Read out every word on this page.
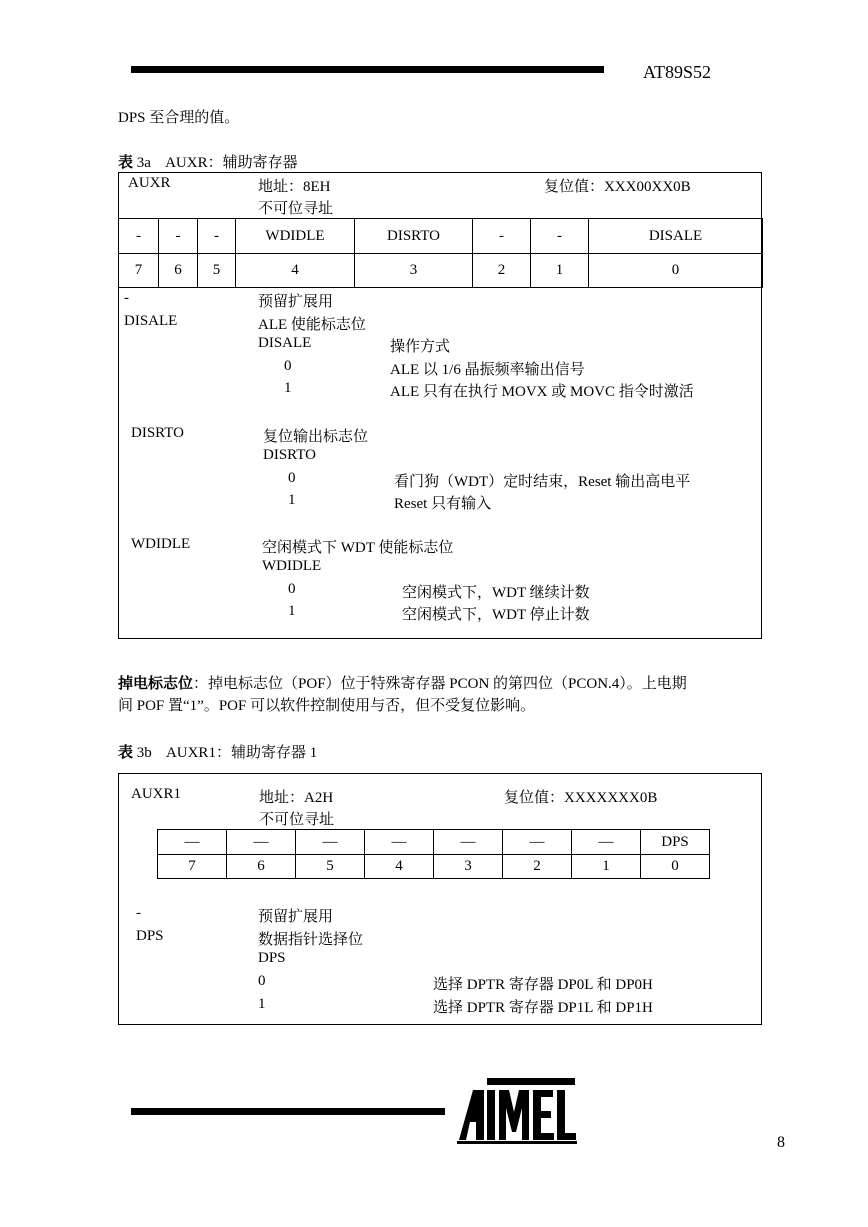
AT89S52
DPS 至合理的值。
表 3a    AUXR：辅助寄存器
AUXR	地址：8EH	复位值：XXX00XX0B
不可位寻址
-	-	-	WDIDLE	DISRTO	-	-	DISALE
7	6	5	4	3	2	1	0
-	预留扩展用
DISALE	ALE 使能标志位
DISALE	操作方式
0	ALE 以 1/6 晶振频率输出信号
1	ALE 只有在执行 MOVX 或 MOVC 指令时激活
DISRTO	复位输出标志位
DISRTO
0	看门狗（WDT）定时结束，Reset 输出高电平
1	Reset 只有输入
WDIDLE	空闲模式下 WDT 使能标志位
WDIDLE
0	空闲模式下，WDT 继续计数
1	空闲模式下，WDT 停止计数
掉电标志位：掉电标志位（POF）位于特殊寄存器 PCON 的第四位（PCON.4）。上电期
间 POF 置“1”。POF 可以软件控制使用与否，但不受复位影响。
表 3b    AUXR1：辅助寄存器 1
AUXR1	地址：A2H	复位值：XXXXXXX0B
不可位寻址
—	—	—	—	—	—	—	DPS
7	6	5	4	3	2	1	0
-	预留扩展用
DPS	数据指针选择位
DPS
0	选择 DPTR 寄存器 DP0L 和 DP0H
1	选择 DPTR 寄存器 DP1L 和 DP1H
8
